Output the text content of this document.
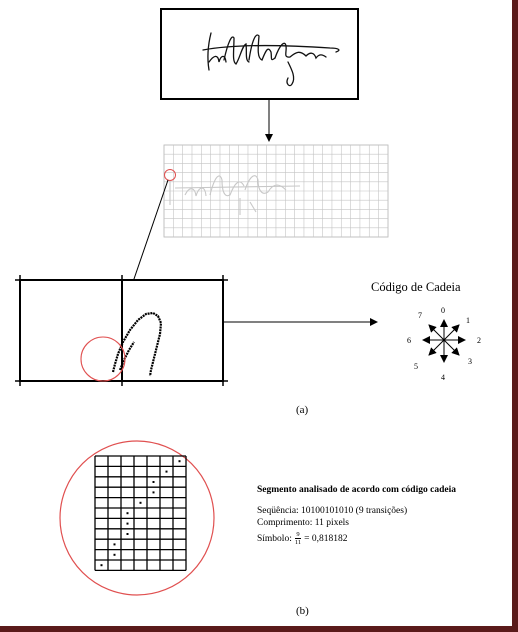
0
1
2
3
4
5
6
7
Código de Cadeia
(a)
(b)
Segmento analisado de acordo com código cadeia
Seqüência: 10100101010 (9 transições)
Comprimento: 11 pixels
Símbolo: $\frac{9}{11} = 0,818182$
